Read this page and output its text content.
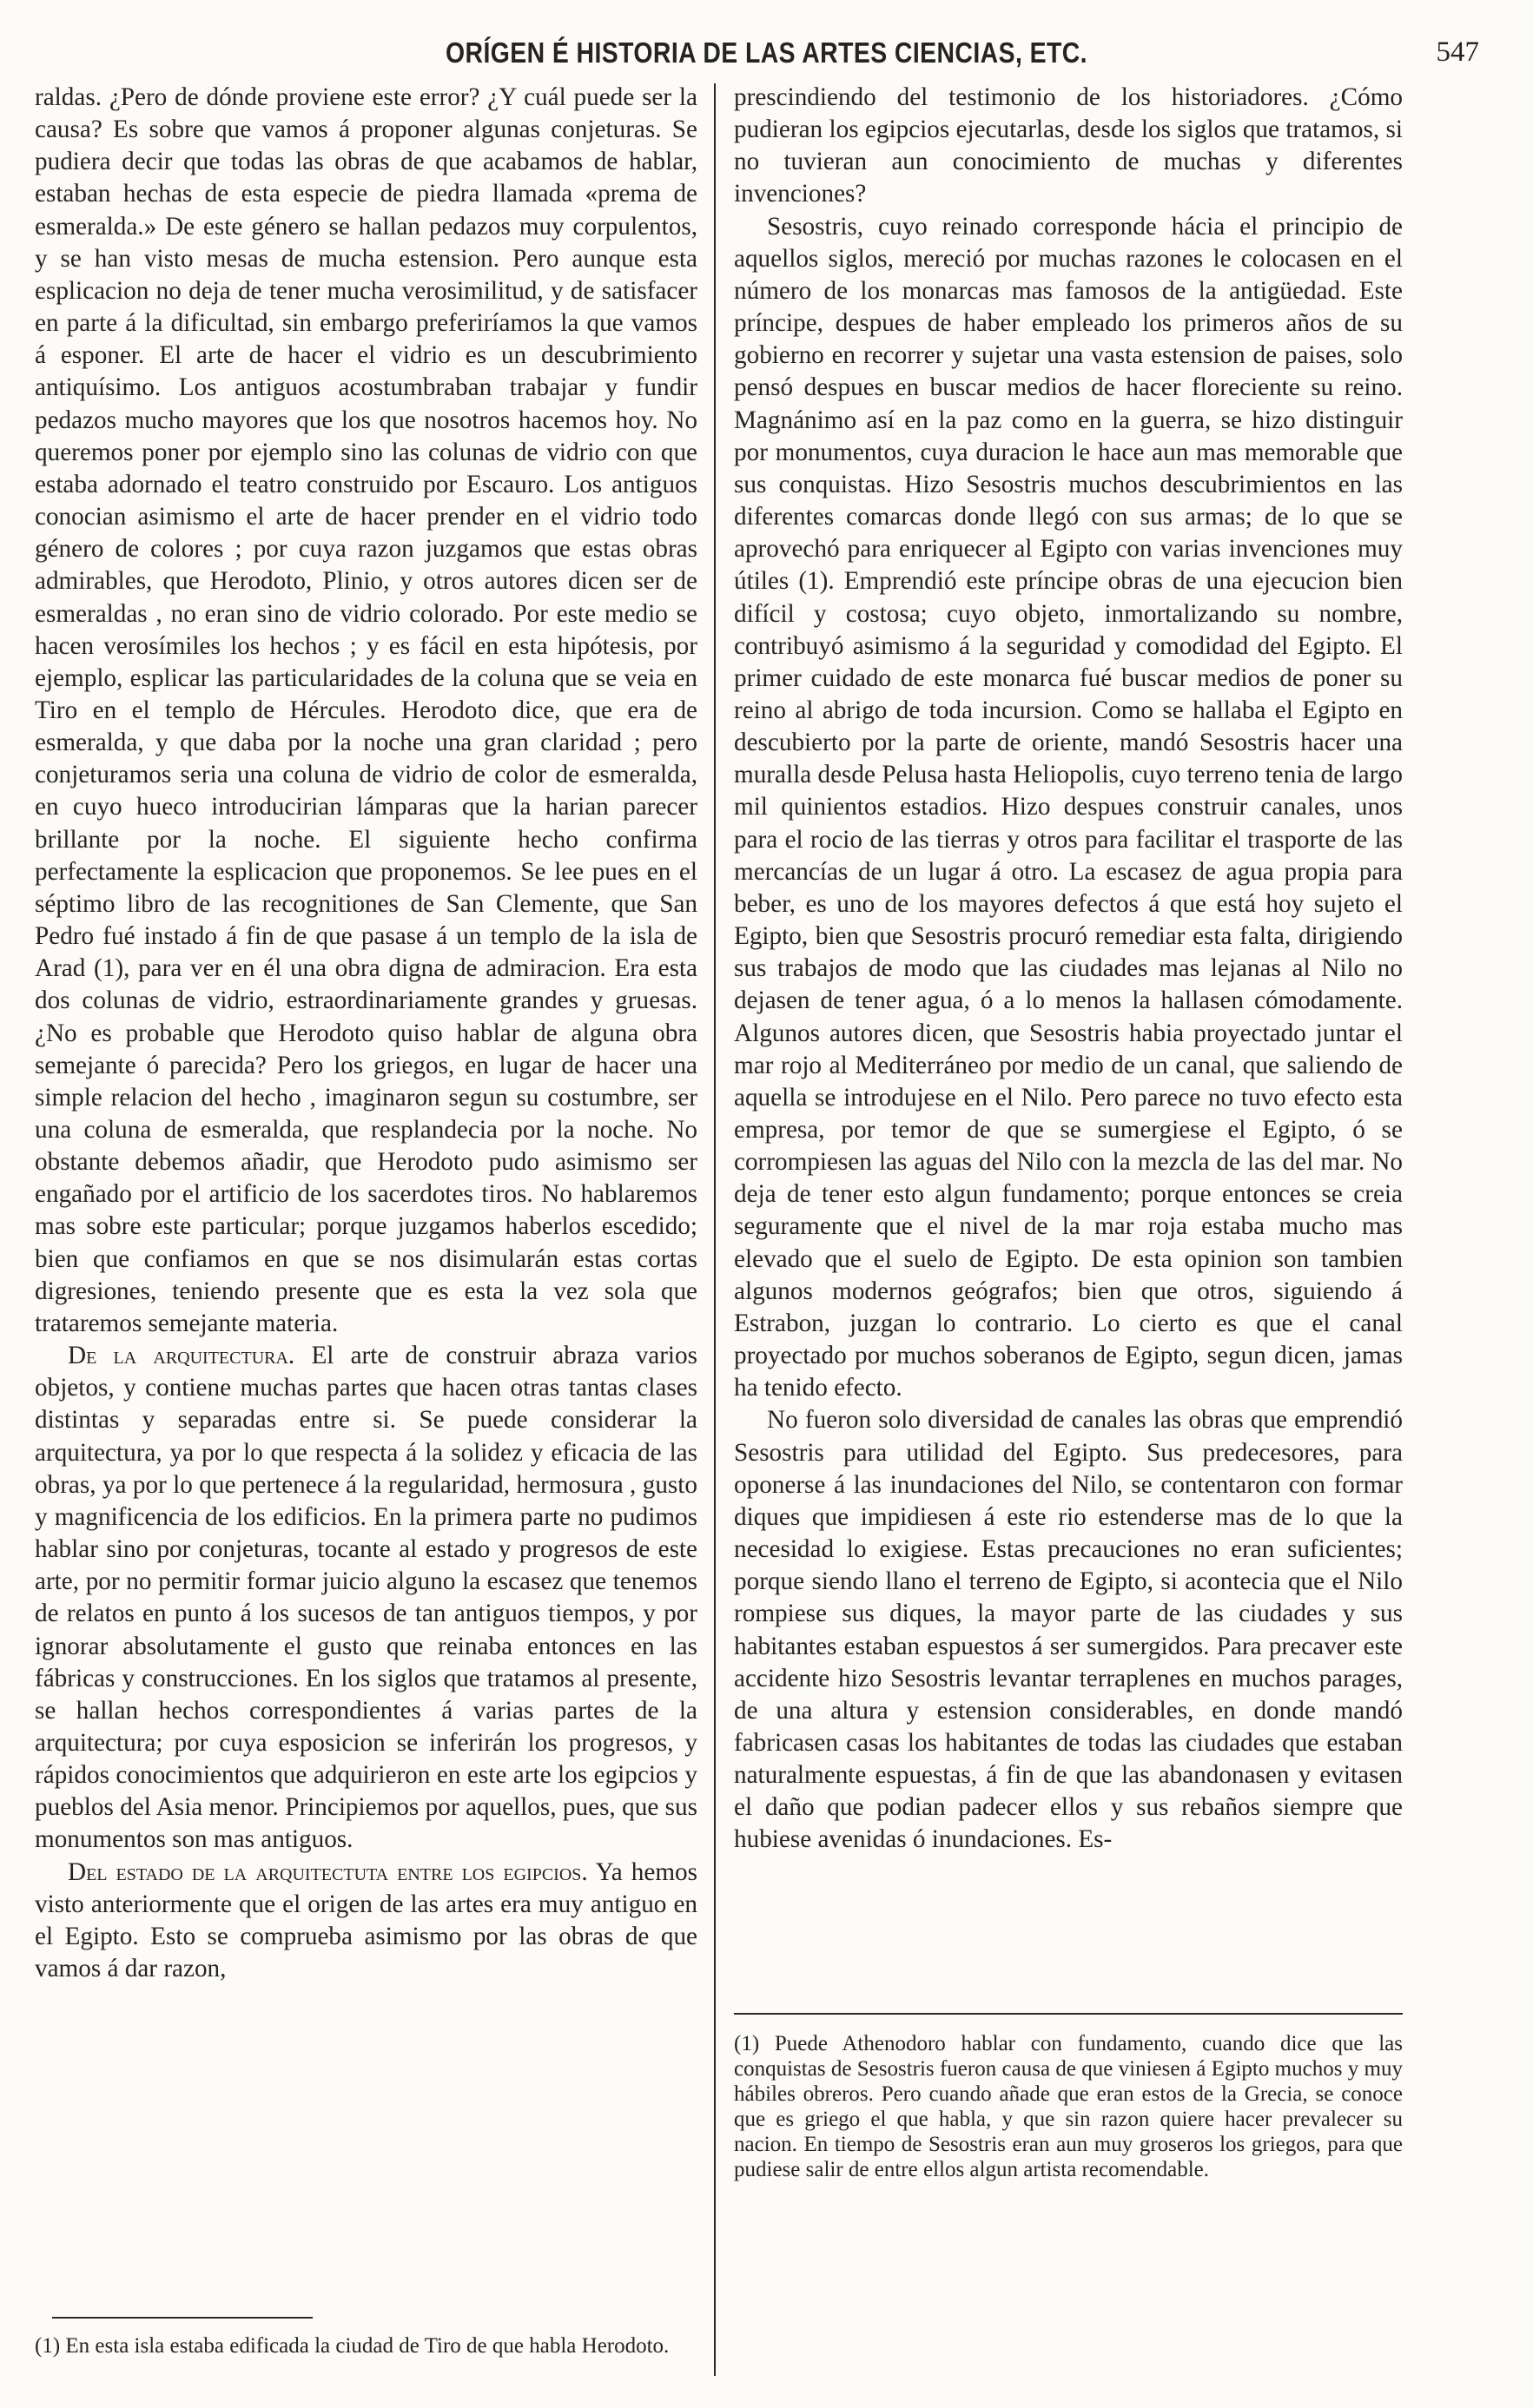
ORÍGEN É HISTORIA DE LAS ARTES CIENCIAS, ETC.	547

raldas. ¿Pero de dónde proviene este error? ¿Y cuál puede ser la causa? Es sobre que vamos á proponer algunas conjeturas. Se pudiera decir que todas las obras de que acabamos de hablar, estaban hechas de esta especie de piedra llamada «prema de esmeralda.» De este género se hallan pedazos muy corpulentos, y se han visto mesas de mucha estension. Pero aunque esta esplicacion no deja de tener mucha verosimilitud, y de satisfacer en parte á la dificultad, sin embargo preferiríamos la que vamos á esponer. El arte de hacer el vidrio es un descubrimiento antiquísimo. Los antiguos acostumbraban trabajar y fundir pedazos mucho mayores que los que nosotros hacemos hoy. No queremos poner por ejemplo sino las colunas de vidrio con que estaba adornado el teatro construido por Escauro. Los antiguos conocian asimismo el arte de hacer prender en el vidrio todo género de colores ; por cuya razon juzgamos que estas obras admirables, que Herodoto, Plinio, y otros autores dicen ser de esmeraldas , no eran sino de vidrio colorado. Por este medio se hacen verosímiles los hechos ; y es fácil en esta hipótesis, por ejemplo, esplicar las particularidades de la coluna que se veia en Tiro en el templo de Hércules. Herodoto dice, que era de esmeralda, y que daba por la noche una gran claridad ; pero conjeturamos seria una coluna de vidrio de color de esmeralda, en cuyo hueco introducirian lámparas que la harian parecer brillante por la noche. El siguiente hecho confirma perfectamente la esplicacion que proponemos. Se lee pues en el séptimo libro de las recognitiones de San Clemente, que San Pedro fué instado á fin de que pasase á un templo de la isla de Arad (1), para ver en él una obra digna de admiracion. Era esta dos colunas de vidrio, estraordinariamente grandes y gruesas. ¿No es probable que Herodoto quiso hablar de alguna obra semejante ó parecida? Pero los griegos, en lugar de hacer una simple relacion del hecho , imaginaron segun su costumbre, ser una coluna de esmeralda, que resplandecia por la noche. No obstante debemos añadir, que Herodoto pudo asimismo ser engañado por el artificio de los sacerdotes tiros. No hablaremos mas sobre este particular; porque juzgamos haberlos escedido; bien que confiamos en que se nos disimularán estas cortas digresiones, teniendo presente que es esta la vez sola que trataremos semejante materia.

De la arquitectura. El arte de construir abraza varios objetos, y contiene muchas partes que hacen otras tantas clases distintas y separadas entre si. Se puede considerar la arquitectura, ya por lo que respecta á la solidez y eficacia de las obras, ya por lo que pertenece á la regularidad, hermosura , gusto y magnificencia de los edificios. En la primera parte no pudimos hablar sino por conjeturas, tocante al estado y progresos de este arte, por no permitir formar juicio alguno la escasez que tenemos de relatos en punto á los sucesos de tan antiguos tiempos, y por ignorar absolutamente el gusto que reinaba entonces en las fábricas y construcciones. En los siglos que tratamos al presente, se hallan hechos correspondientes á varias partes de la arquitectura; por cuya esposicion se inferirán los progresos, y rápidos conocimientos que adquirieron en este arte los egipcios y pueblos del Asia menor. Principiemos por aquellos, pues, que sus monumentos son mas antiguos.

Del estado de la arquitectuta entre los egipcios. Ya hemos visto anteriormente que el origen de las artes era muy antiguo en el Egipto. Esto se comprueba asimismo por las obras de que vamos á dar razon,

(1) En esta isla estaba edificada la ciudad de Tiro de que habla Herodoto.

prescindiendo del testimonio de los historiadores. ¿Cómo pudieran los egipcios ejecutarlas, desde los siglos que tratamos, si no tuvieran aun conocimiento de muchas y diferentes invenciones?

Sesostris, cuyo reinado corresponde hácia el principio de aquellos siglos, mereció por muchas razones le colocasen en el número de los monarcas mas famosos de la antigüedad. Este príncipe, despues de haber empleado los primeros años de su gobierno en recorrer y sujetar una vasta estension de paises, solo pensó despues en buscar medios de hacer floreciente su reino. Magnánimo así en la paz como en la guerra, se hizo distinguir por monumentos, cuya duracion le hace aun mas memorable que sus conquistas. Hizo Sesostris muchos descubrimientos en las diferentes comarcas donde llegó con sus armas; de lo que se aprovechó para enriquecer al Egipto con varias invenciones muy útiles (1). Emprendió este príncipe obras de una ejecucion bien difícil y costosa; cuyo objeto, inmortalizando su nombre, contribuyó asimismo á la seguridad y comodidad del Egipto. El primer cuidado de este monarca fué buscar medios de poner su reino al abrigo de toda incursion. Como se hallaba el Egipto en descubierto por la parte de oriente, mandó Sesostris hacer una muralla desde Pelusa hasta Heliopolis, cuyo terreno tenia de largo mil quinientos estadios. Hizo despues construir canales, unos para el rocio de las tierras y otros para facilitar el trasporte de las mercancías de un lugar á otro. La escasez de agua propia para beber, es uno de los mayores defectos á que está hoy sujeto el Egipto, bien que Sesostris procuró remediar esta falta, dirigiendo sus trabajos de modo que las ciudades mas lejanas al Nilo no dejasen de tener agua, ó a lo menos la hallasen cómodamente. Algunos autores dicen, que Sesostris habia proyectado juntar el mar rojo al Mediterráneo por medio de un canal, que saliendo de aquella se introdujese en el Nilo. Pero parece no tuvo efecto esta empresa, por temor de que se sumergiese el Egipto, ó se corrompiesen las aguas del Nilo con la mezcla de las del mar. No deja de tener esto algun fundamento; porque entonces se creia seguramente que el nivel de la mar roja estaba mucho mas elevado que el suelo de Egipto. De esta opinion son tambien algunos modernos geógrafos; bien que otros, siguiendo á Estrabon, juzgan lo contrario. Lo cierto es que el canal proyectado por muchos soberanos de Egipto, segun dicen, jamas ha tenido efecto.

No fueron solo diversidad de canales las obras que emprendió Sesostris para utilidad del Egipto. Sus predecesores, para oponerse á las inundaciones del Nilo, se contentaron con formar diques que impidiesen á este rio estenderse mas de lo que la necesidad lo exigiese. Estas precauciones no eran suficientes; porque siendo llano el terreno de Egipto, si acontecia que el Nilo rompiese sus diques, la mayor parte de las ciudades y sus habitantes estaban espuestos á ser sumergidos. Para precaver este accidente hizo Sesostris levantar terraplenes en muchos parages, de una altura y estension considerables, en donde mandó fabricasen casas los habitantes de todas las ciudades que estaban naturalmente espuestas, á fin de que las abandonasen y evitasen el daño que podian padecer ellos y sus rebaños siempre que hubiese avenidas ó inundaciones. Es-

(1) Puede Athenodoro hablar con fundamento, cuando dice que las conquistas de Sesostris fueron causa de que viniesen á Egipto muchos y muy hábiles obreros. Pero cuando añade que eran estos de la Grecia, se conoce que es griego el que habla, y que sin razon quiere hacer prevalecer su nacion. En tiempo de Sesostris eran aun muy groseros los griegos, para que pudiese salir de entre ellos algun artista recomendable.
